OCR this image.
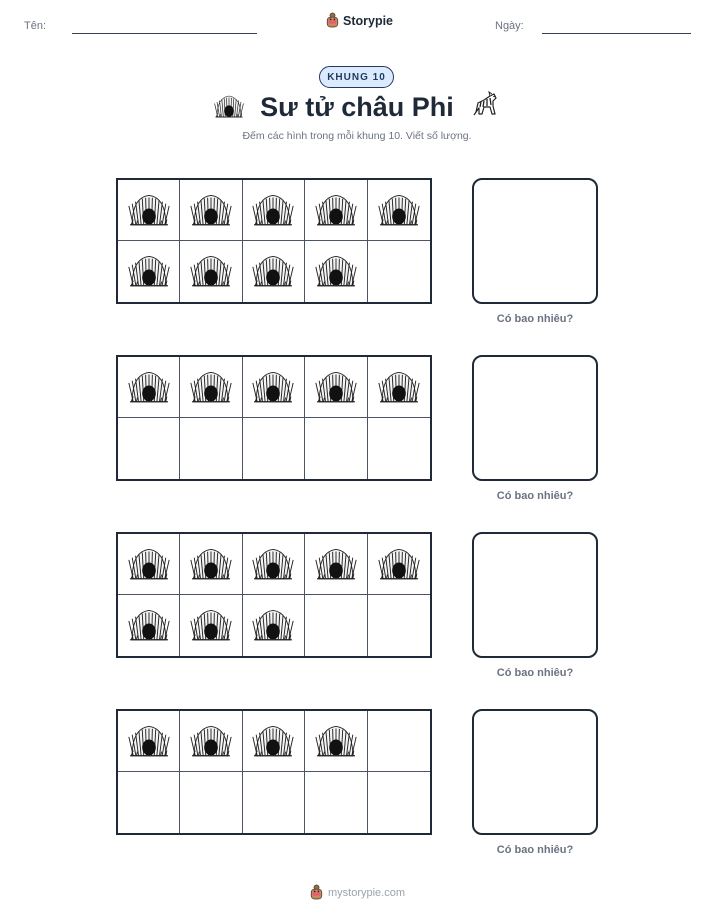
Tên:	Storypie	Ngày:
KHUNG 10
Sư tử châu Phi
Đếm các hình trong mỗi khung 10. Viết số lượng.
Có bao nhiêu?
Có bao nhiêu?
Có bao nhiêu?
Có bao nhiêu?
mystorypie.com
